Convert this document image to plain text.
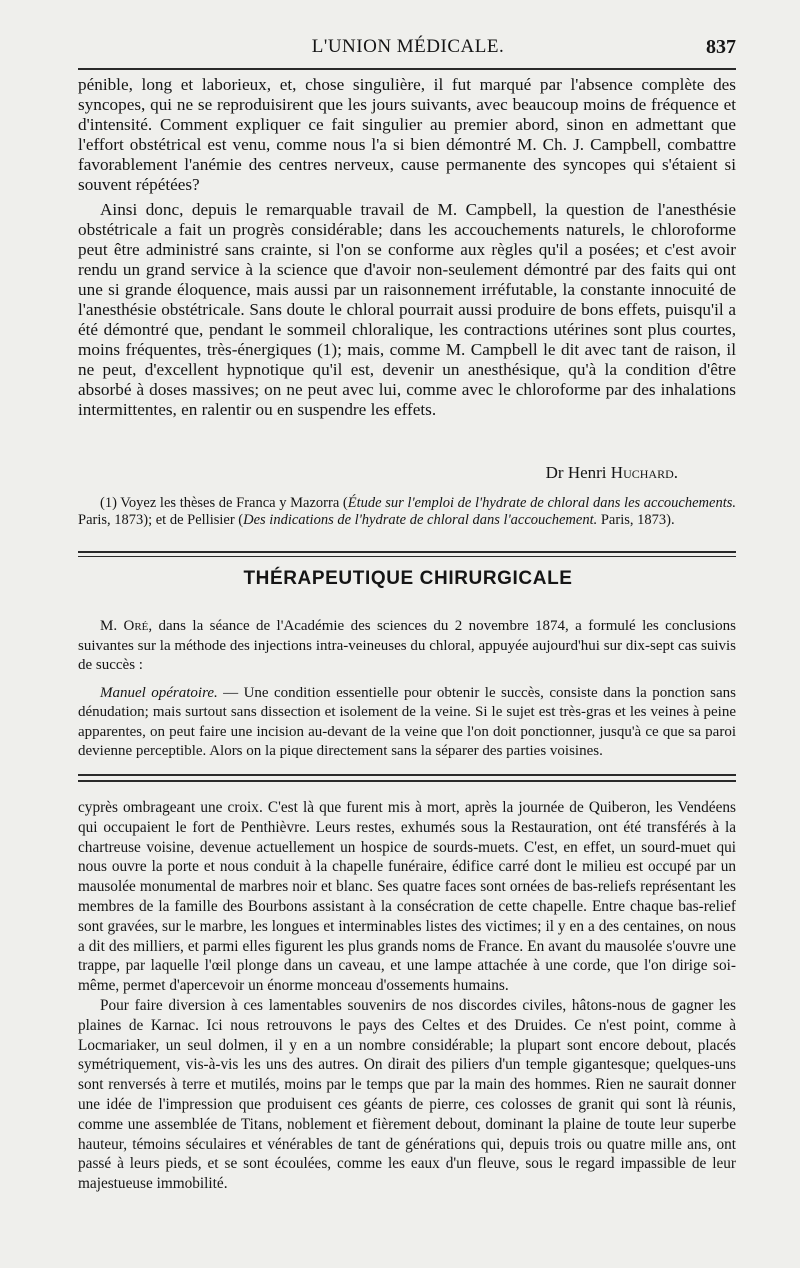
L'UNION MÉDICALE.	837

pénible, long et laborieux, et, chose singulière, il fut marqué par l'absence complète des syncopes, qui ne se reproduisirent que les jours suivants, avec beaucoup moins de fréquence et d'intensité. Comment expliquer ce fait singulier au premier abord, sinon en admettant que l'effort obstétrical est venu, comme nous l'a si bien démontré M. Ch. J. Campbell, combattre favorablement l'anémie des centres nerveux, cause permanente des syncopes qui s'étaient si souvent répétées?

Ainsi donc, depuis le remarquable travail de M. Campbell, la question de l'anesthésie obstétricale a fait un progrès considérable; dans les accouchements naturels, le chloroforme peut être administré sans crainte, si l'on se conforme aux règles qu'il a posées; et c'est avoir rendu un grand service à la science que d'avoir non-seulement démontré par des faits qui ont une si grande éloquence, mais aussi par un raisonnement irréfutable, la constante innocuité de l'anesthésie obstétricale. Sans doute le chloral pourrait aussi produire de bons effets, puisqu'il a été démontré que, pendant le sommeil chloralique, les contractions utérines sont plus courtes, moins fréquentes, très-énergiques (1); mais, comme M. Campbell le dit avec tant de raison, il ne peut, d'excellent hypnotique qu'il est, devenir un anesthésique, qu'à la condition d'être absorbé à doses massives; on ne peut avec lui, comme avec le chloroforme par des inhalations intermittentes, en ralentir ou en suspendre les effets.

Dr Henri Huchard.

(1) Voyez les thèses de Franca y Mazorra (Étude sur l'emploi de l'hydrate de chloral dans les accouchements. Paris, 1873); et de Pellisier (Des indications de l'hydrate de chloral dans l'accouchement. Paris, 1873).

THÉRAPEUTIQUE CHIRURGICALE

M. Oré, dans la séance de l'Académie des sciences du 2 novembre 1874, a formulé les conclusions suivantes sur la méthode des injections intra-veineuses du chloral, appuyée aujourd'hui sur dix-sept cas suivis de succès :

Manuel opératoire. — Une condition essentielle pour obtenir le succès, consiste dans la ponction sans dénudation; mais surtout sans dissection et isolement de la veine. Si le sujet est très-gras et les veines à peine apparentes, on peut faire une incision au-devant de la veine que l'on doit ponctionner, jusqu'à ce que sa paroi devienne perceptible. Alors on la pique directement sans la séparer des parties voisines.

cyprès ombrageant une croix. C'est là que furent mis à mort, après la journée de Quiberon, les Vendéens qui occupaient le fort de Penthièvre. Leurs restes, exhumés sous la Restauration, ont été transférés à la chartreuse voisine, devenue actuellement un hospice de sourds-muets. C'est, en effet, un sourd-muet qui nous ouvre la porte et nous conduit à la chapelle funéraire, édifice carré dont le milieu est occupé par un mausolée monumental de marbres noir et blanc. Ses quatre faces sont ornées de bas-reliefs représentant les membres de la famille des Bourbons assistant à la consécration de cette chapelle. Entre chaque bas-relief sont gravées, sur le marbre, les longues et interminables listes des victimes; il y en a des centaines, on nous a dit des milliers, et parmi elles figurent les plus grands noms de France. En avant du mausolée s'ouvre une trappe, par laquelle l'œil plonge dans un caveau, et une lampe attachée à une corde, que l'on dirige soi-même, permet d'apercevoir un énorme monceau d'ossements humains.

Pour faire diversion à ces lamentables souvenirs de nos discordes civiles, hâtons-nous de gagner les plaines de Karnac. Ici nous retrouvons le pays des Celtes et des Druides. Ce n'est point, comme à Locmariaker, un seul dolmen, il y en a un nombre considérable; la plupart sont encore debout, placés symétriquement, vis-à-vis les uns des autres. On dirait des piliers d'un temple gigantesque; quelques-uns sont renversés à terre et mutilés, moins par le temps que par la main des hommes. Rien ne saurait donner une idée de l'impression que produisent ces géants de pierre, ces colosses de granit qui sont là réunis, comme une assemblée de Titans, noblement et fièrement debout, dominant la plaine de toute leur superbe hauteur, témoins séculaires et vénérables de tant de générations qui, depuis trois ou quatre mille ans, ont passé à leurs pieds, et se sont écoulées, comme les eaux d'un fleuve, sous le regard impassible de leur majestueuse immobilité.
